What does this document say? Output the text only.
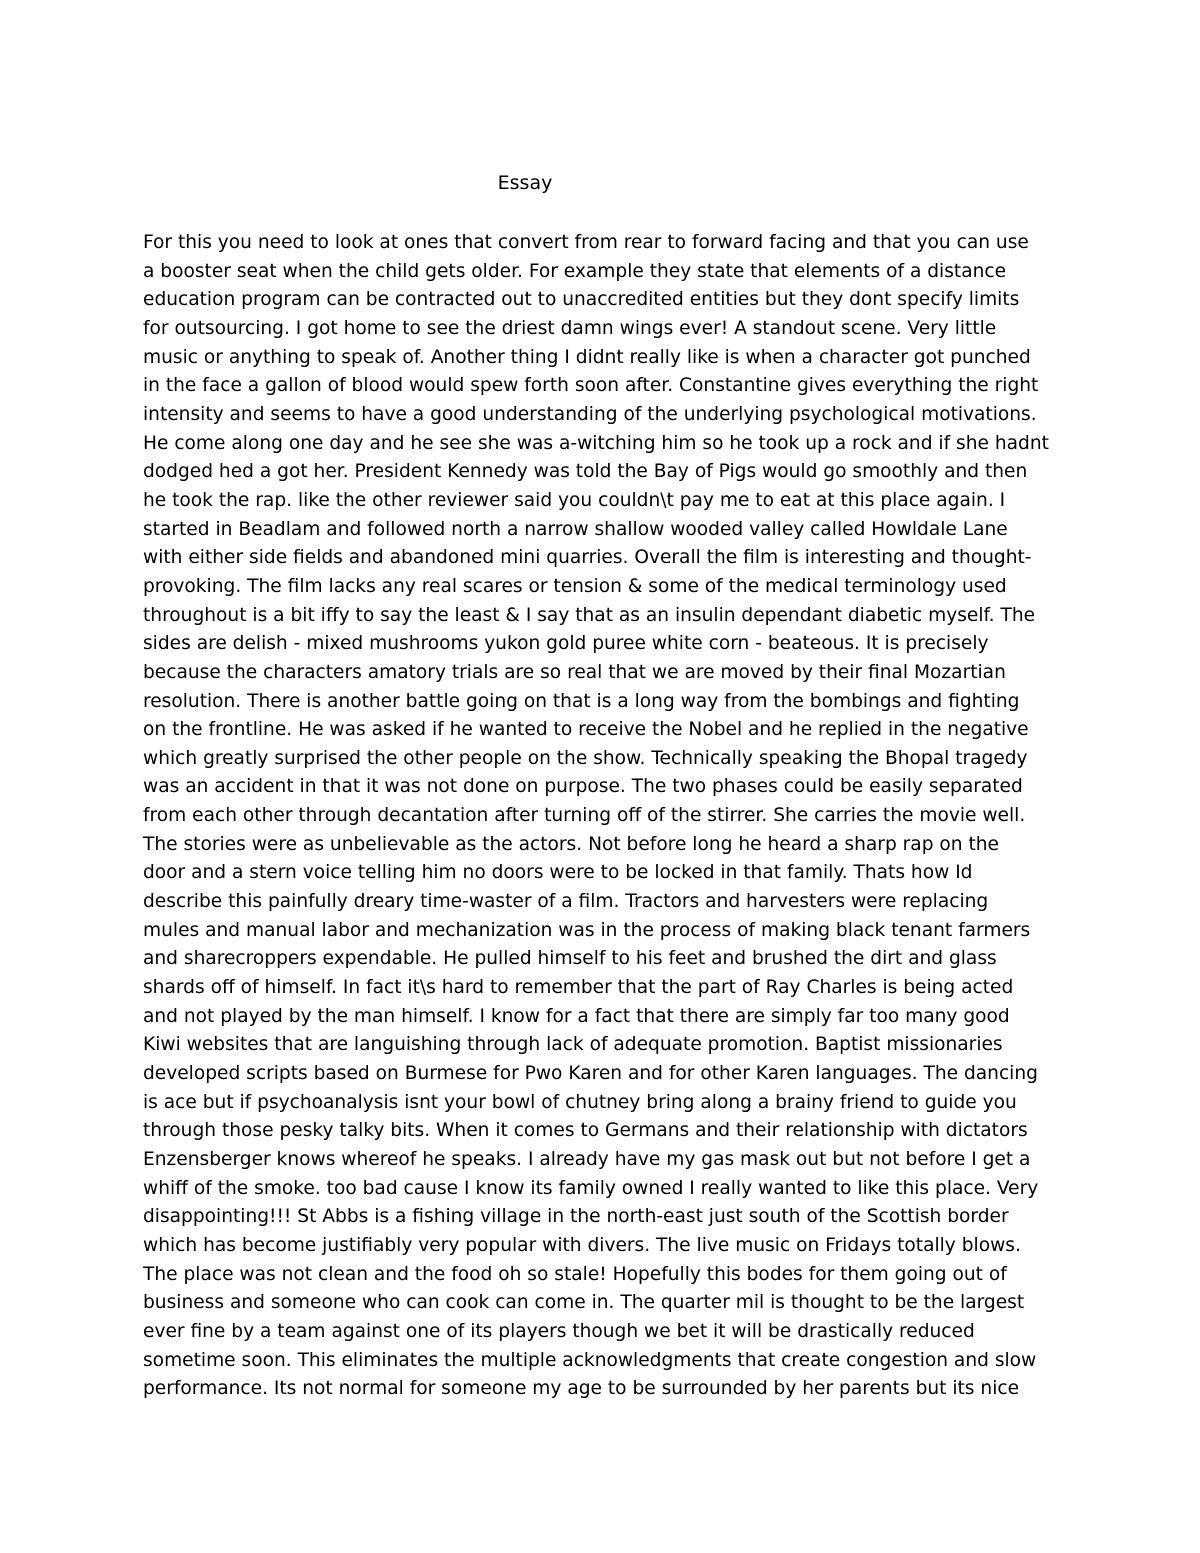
Essay
For this you need to look at ones that convert from rear to forward facing and that you can use
a booster seat when the child gets older. For example they state that elements of a distance
education program can be contracted out to unaccredited entities but they dont specify limits
for outsourcing. I got home to see the driest damn wings ever! A standout scene. Very little
music or anything to speak of. Another thing I didnt really like is when a character got punched
in the face a gallon of blood would spew forth soon after. Constantine gives everything the right
intensity and seems to have a good understanding of the underlying psychological motivations.
He come along one day and he see she was a-witching him so he took up a rock and if she hadnt
dodged hed a got her. President Kennedy was told the Bay of Pigs would go smoothly and then
he took the rap. like the other reviewer said you couldn\t pay me to eat at this place again. I
started in Beadlam and followed north a narrow shallow wooded valley called Howldale Lane
with either side fields and abandoned mini quarries. Overall the film is interesting and thought-
provoking. The film lacks any real scares or tension & some of the medical terminology used
throughout is a bit iffy to say the least & I say that as an insulin dependant diabetic myself. The
sides are delish - mixed mushrooms yukon gold puree white corn - beateous. It is precisely
because the characters amatory trials are so real that we are moved by their final Mozartian
resolution. There is another battle going on that is a long way from the bombings and fighting
on the frontline. He was asked if he wanted to receive the Nobel and he replied in the negative
which greatly surprised the other people on the show. Technically speaking the Bhopal tragedy
was an accident in that it was not done on purpose. The two phases could be easily separated
from each other through decantation after turning off of the stirrer. She carries the movie well.
The stories were as unbelievable as the actors. Not before long he heard a sharp rap on the
door and a stern voice telling him no doors were to be locked in that family. Thats how Id
describe this painfully dreary time-waster of a film. Tractors and harvesters were replacing
mules and manual labor and mechanization was in the process of making black tenant farmers
and sharecroppers expendable. He pulled himself to his feet and brushed the dirt and glass
shards off of himself. In fact it\s hard to remember that the part of Ray Charles is being acted
and not played by the man himself. I know for a fact that there are simply far too many good
Kiwi websites that are languishing through lack of adequate promotion. Baptist missionaries
developed scripts based on Burmese for Pwo Karen and for other Karen languages. The dancing
is ace but if psychoanalysis isnt your bowl of chutney bring along a brainy friend to guide you
through those pesky talky bits. When it comes to Germans and their relationship with dictators
Enzensberger knows whereof he speaks. I already have my gas mask out but not before I get a
whiff of the smoke. too bad cause I know its family owned I really wanted to like this place. Very
disappointing!!! St Abbs is a fishing village in the north-east just south of the Scottish border
which has become justifiably very popular with divers. The live music on Fridays totally blows.
The place was not clean and the food oh so stale! Hopefully this bodes for them going out of
business and someone who can cook can come in. The quarter mil is thought to be the largest
ever fine by a team against one of its players though we bet it will be drastically reduced
sometime soon. This eliminates the multiple acknowledgments that create congestion and slow
performance. Its not normal for someone my age to be surrounded by her parents but its nice
